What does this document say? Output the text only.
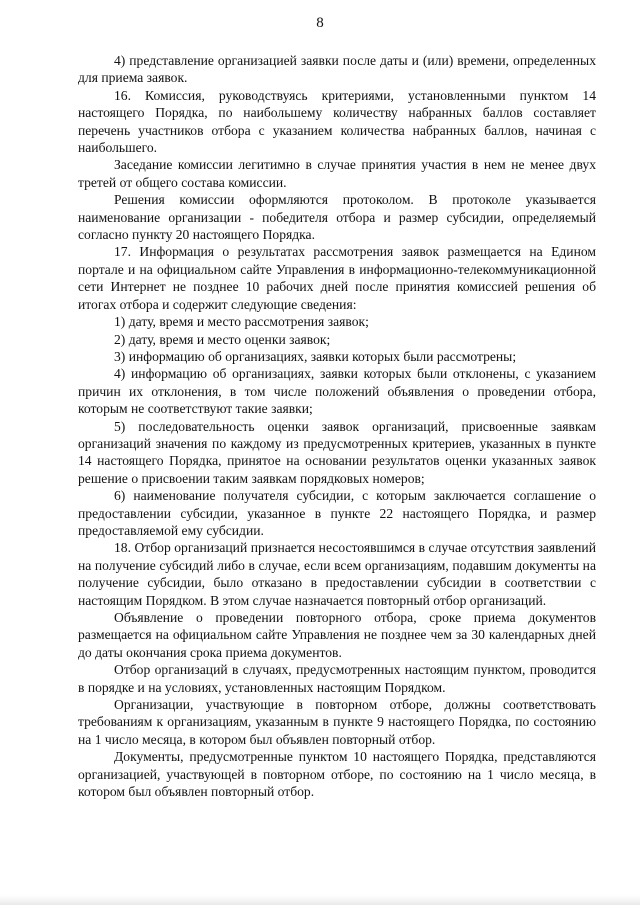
8

4) представление организацией заявки после даты и (или) времени, определенных для приема заявок.

16. Комиссия, руководствуясь критериями, установленными пунктом 14 настоящего Порядка, по наибольшему количеству набранных баллов составляет перечень участников отбора с указанием количества набранных баллов, начиная с наибольшего.

Заседание комиссии легитимно в случае принятия участия в нем не менее двух третей от общего состава комиссии.

Решения комиссии оформляются протоколом. В протоколе указывается наименование организации - победителя отбора и размер субсидии, определяемый согласно пункту 20 настоящего Порядка.

17. Информация о результатах рассмотрения заявок размещается на Едином портале и на официальном сайте Управления в информационно-телекоммуникационной сети Интернет не позднее 10 рабочих дней после принятия комиссией решения об итогах отбора и содержит следующие сведения:

1) дату, время и место рассмотрения заявок;

2) дату, время и место оценки заявок;

3) информацию об организациях, заявки которых были рассмотрены;

4) информацию об организациях, заявки которых были отклонены, с указанием причин их отклонения, в том числе положений объявления о проведении отбора, которым не соответствуют такие заявки;

5) последовательность оценки заявок организаций, присвоенные заявкам организаций значения по каждому из предусмотренных критериев, указанных в пункте 14 настоящего Порядка, принятое на основании результатов оценки указанных заявок решение о присвоении таким заявкам порядковых номеров;

6) наименование получателя субсидии, с которым заключается соглашение о предоставлении субсидии, указанное в пункте 22 настоящего Порядка, и размер предоставляемой ему субсидии.

18. Отбор организаций признается несостоявшимся в случае отсутствия заявлений на получение субсидий либо в случае, если всем организациям, подавшим документы на получение субсидии, было отказано в предоставлении субсидии в соответствии с настоящим Порядком. В этом случае назначается повторный отбор организаций.

Объявление о проведении повторного отбора, сроке приема документов размещается на официальном сайте Управления не позднее чем за 30 календарных дней до даты окончания срока приема документов.

Отбор организаций в случаях, предусмотренных настоящим пунктом, проводится в порядке и на условиях, установленных настоящим Порядком.

Организации, участвующие в повторном отборе, должны соответствовать требованиям к организациям, указанным в пункте 9 настоящего Порядка, по состоянию на 1 число месяца, в котором был объявлен повторный отбор.

Документы, предусмотренные пунктом 10 настоящего Порядка, представляются организацией, участвующей в повторном отборе, по состоянию на 1 число месяца, в котором был объявлен повторный отбор.
